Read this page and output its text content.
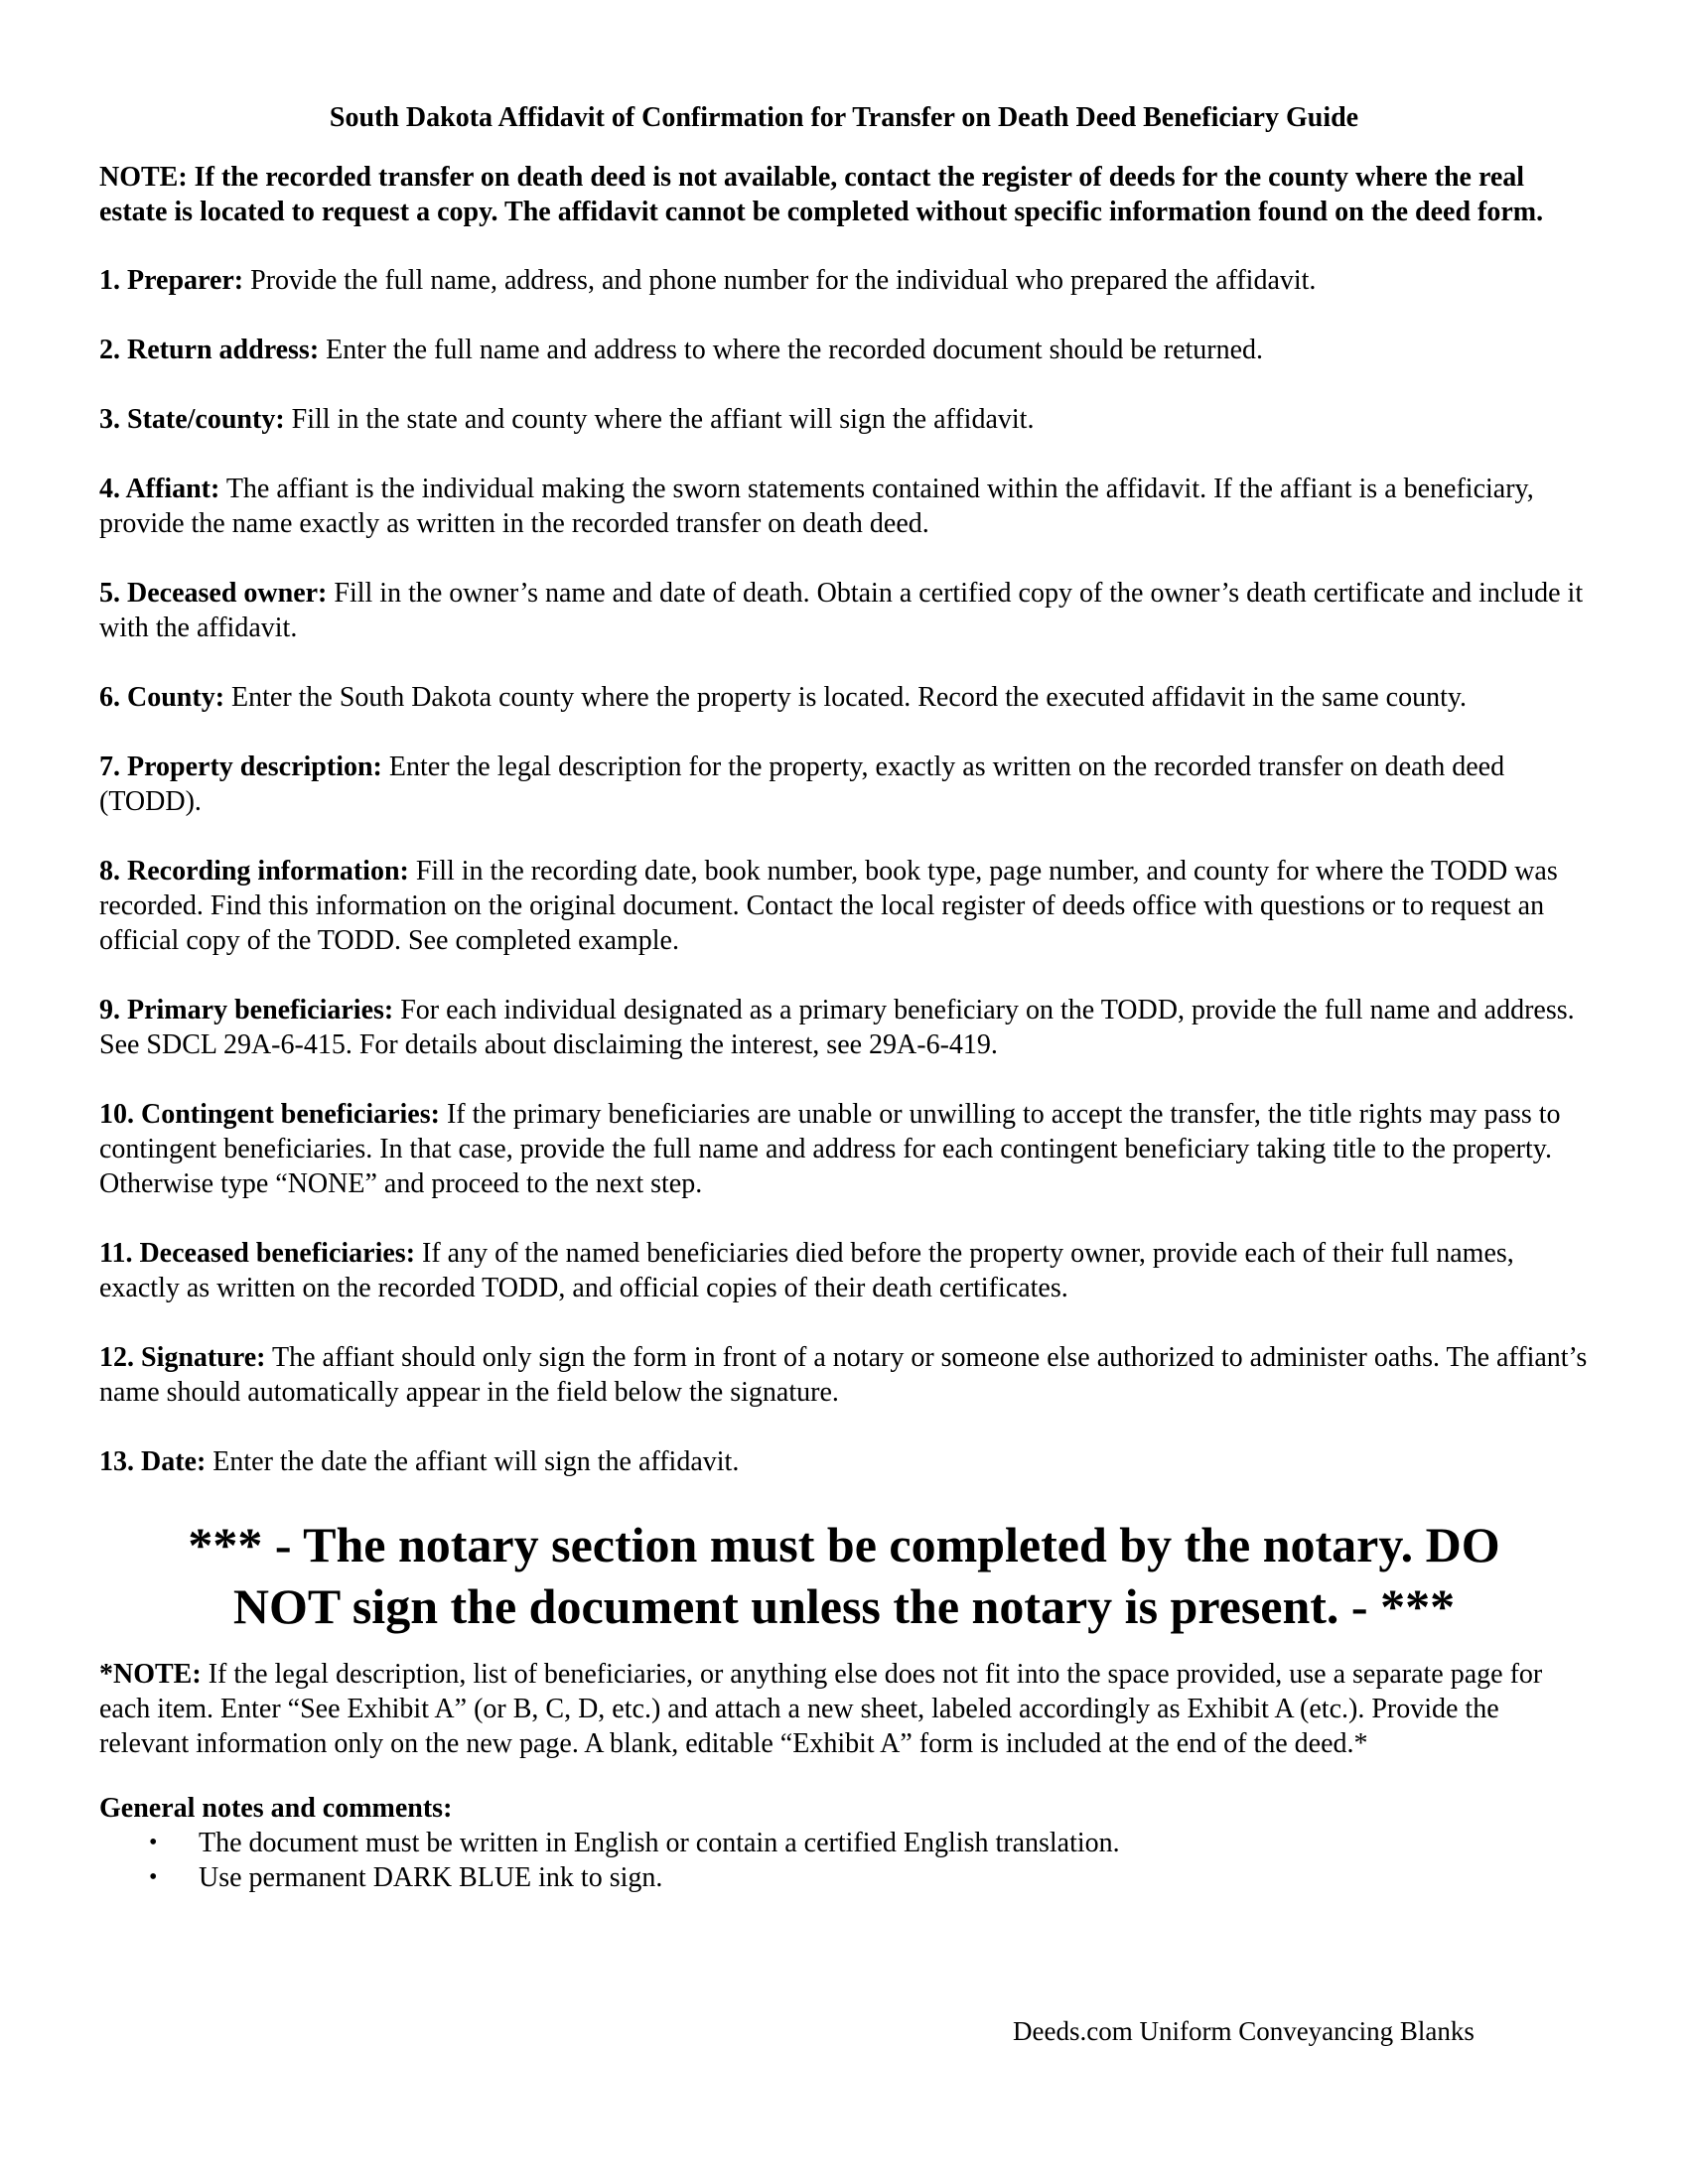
South Dakota Affidavit of Confirmation for Transfer on Death Deed Beneficiary Guide
NOTE: If the recorded transfer on death deed is not available, contact the register of deeds for the county where the real estate is located to request a copy. The affidavit cannot be completed without specific information found on the deed form.
1. Preparer: Provide the full name, address, and phone number for the individual who prepared the affidavit.
2. Return address: Enter the full name and address to where the recorded document should be returned.
3. State/county: Fill in the state and county where the affiant will sign the affidavit.
4. Affiant: The affiant is the individual making the sworn statements contained within the affidavit. If the affiant is a beneficiary, provide the name exactly as written in the recorded transfer on death deed.
5. Deceased owner: Fill in the owner’s name and date of death. Obtain a certified copy of the owner’s death certificate and include it with the affidavit.
6. County: Enter the South Dakota county where the property is located. Record the executed affidavit in the same county.
7. Property description: Enter the legal description for the property, exactly as written on the recorded transfer on death deed (TODD).
8. Recording information: Fill in the recording date, book number, book type, page number, and county for where the TODD was recorded. Find this information on the original document. Contact the local register of deeds office with questions or to request an official copy of the TODD. See completed example.
9. Primary beneficiaries: For each individual designated as a primary beneficiary on the TODD, provide the full name and address. See SDCL 29A-6-415. For details about disclaiming the interest, see 29A-6-419.
10. Contingent beneficiaries: If the primary beneficiaries are unable or unwilling to accept the transfer, the title rights may pass to contingent beneficiaries. In that case, provide the full name and address for each contingent beneficiary taking title to the property. Otherwise type “NONE” and proceed to the next step.
11. Deceased beneficiaries: If any of the named beneficiaries died before the property owner, provide each of their full names, exactly as written on the recorded TODD, and official copies of their death certificates.
12. Signature: The affiant should only sign the form in front of a notary or someone else authorized to administer oaths. The affiant’s name should automatically appear in the field below the signature.
13. Date: Enter the date the affiant will sign the affidavit.
*** - The notary section must be completed by the notary. DO NOT sign the document unless the notary is present. - ***
*NOTE: If the legal description, list of beneficiaries, or anything else does not fit into the space provided, use a separate page for each item. Enter “See Exhibit A” (or B, C, D, etc.) and attach a new sheet, labeled accordingly as Exhibit A (etc.). Provide the relevant information only on the new page. A blank, editable “Exhibit A” form is included at the end of the deed.*
General notes and comments:
• The document must be written in English or contain a certified English translation.
• Use permanent DARK BLUE ink to sign.
Deeds.com Uniform Conveyancing Blanks
